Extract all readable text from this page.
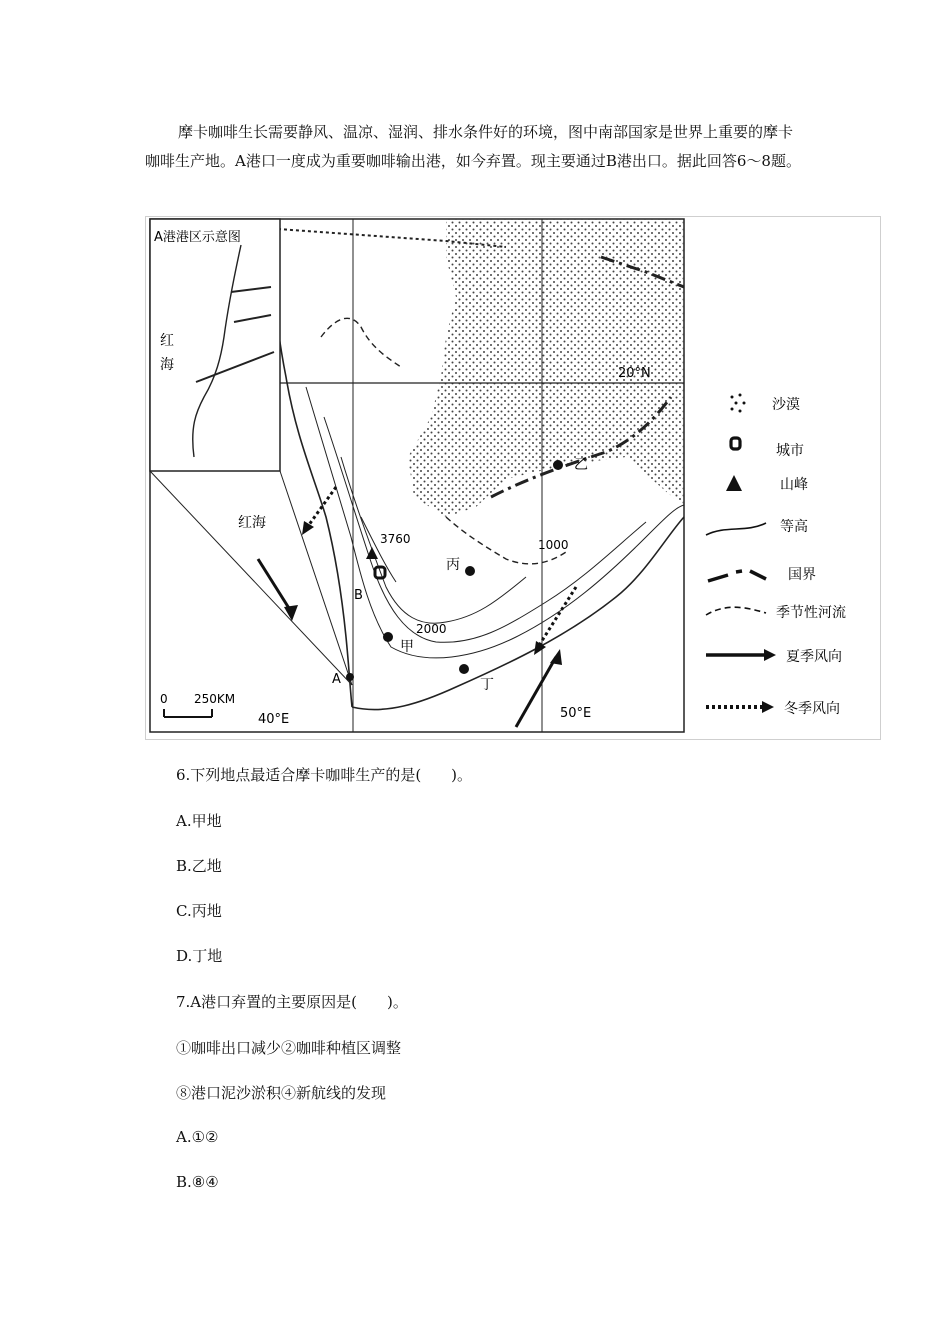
摩卡咖啡生长需要静风、温凉、湿润、排水条件好的环境，图中南部国家是世界上重要的摩卡咖啡生产地。A港口一度成为重要咖啡输出港，如今弃置。现主要通过B港出口。据此回答6～8题。

A港港区示意图
红 海
红海
20°N
40°E	50°E
3760	1000
2000
乙
丙
甲
丁
A
B
0 250KM
沙漠
城市
山峰
等高
国界
季节性河流
夏季风向
冬季风向
6.下列地点最适合摩卡咖啡生产的是(　　)。
A.甲地
B.乙地
C.丙地
D.丁地
7.A港口弃置的主要原因是(　　)。
①咖啡出口减少②咖啡种植区调整
⑧港口泥沙淤积④新航线的发现
A.①②
B.⑧④
